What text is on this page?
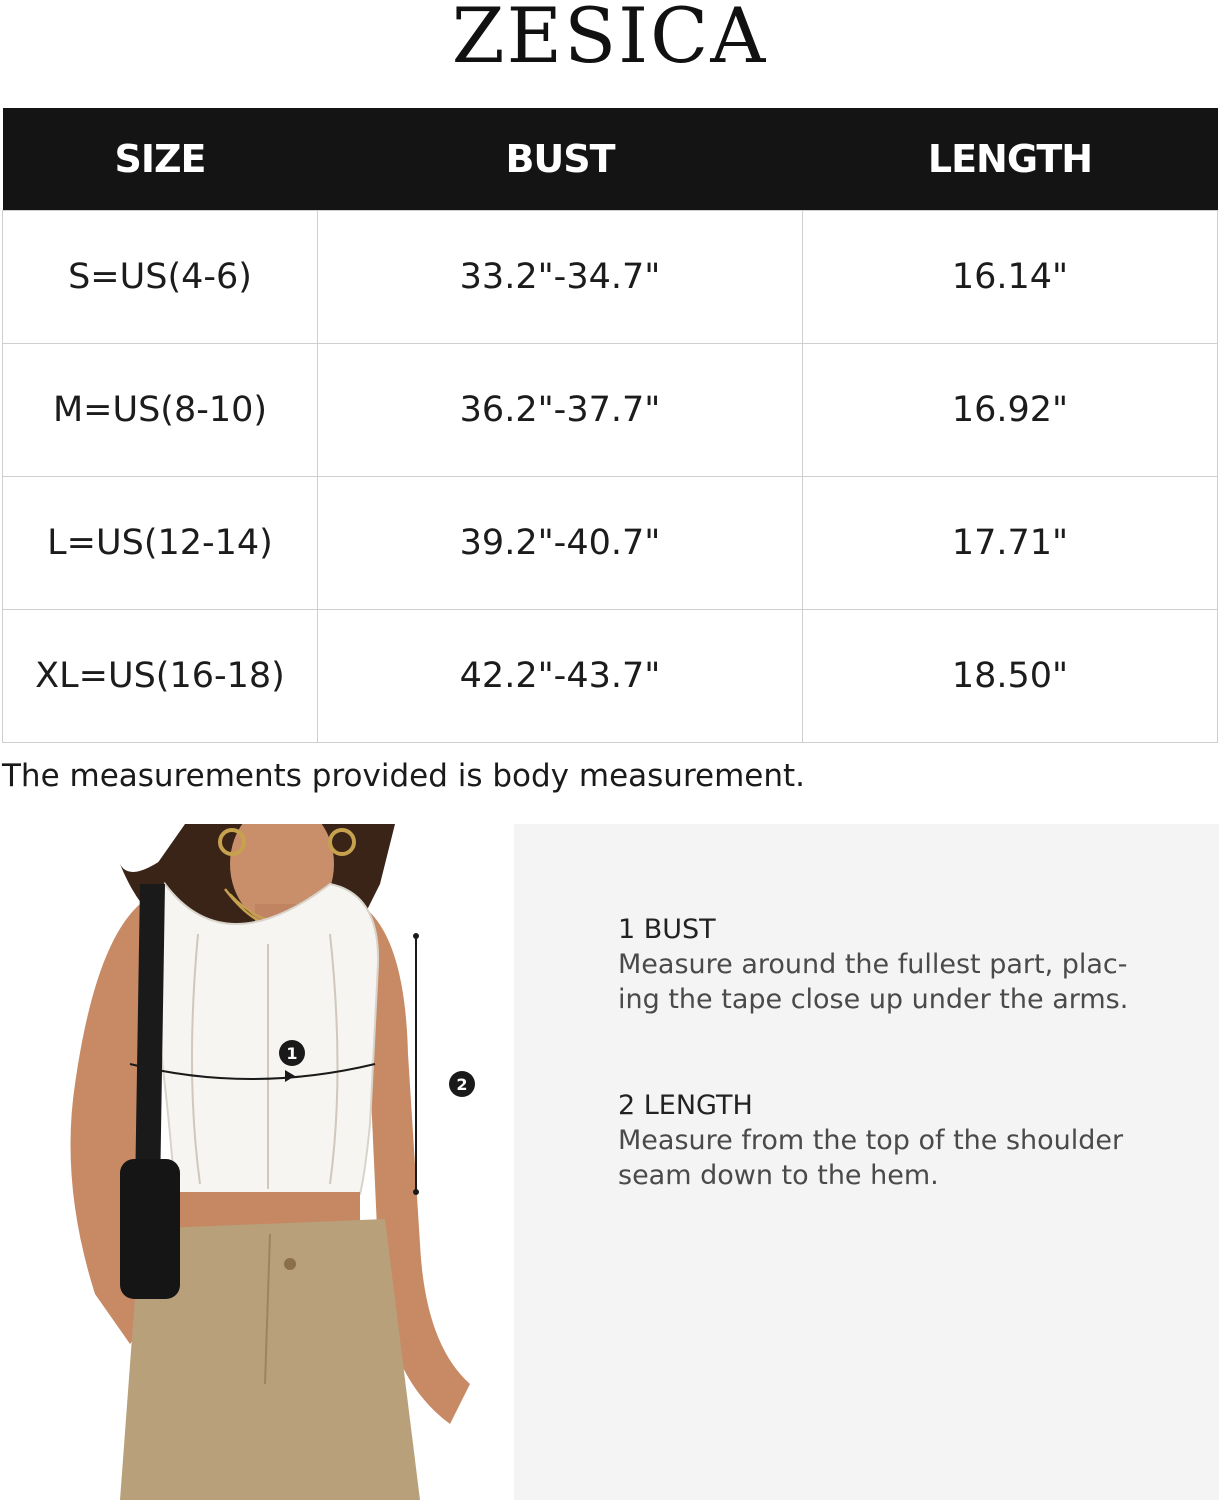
ZESICA
SIZE	BUST	LENGTH
S=US(4-6)	33.2"-34.7"	16.14"
M=US(8-10)	36.2"-37.7"	16.92"
L=US(12-14)	39.2"-40.7"	17.71"
XL=US(16-18)	42.2"-43.7"	18.50"
The measurements provided is body measurement.
1
2
1 BUST
Measure around the fullest part, plac-
ing the tape close up under the arms.
2 LENGTH
Measure from the top of the shoulder
seam down to the hem.
